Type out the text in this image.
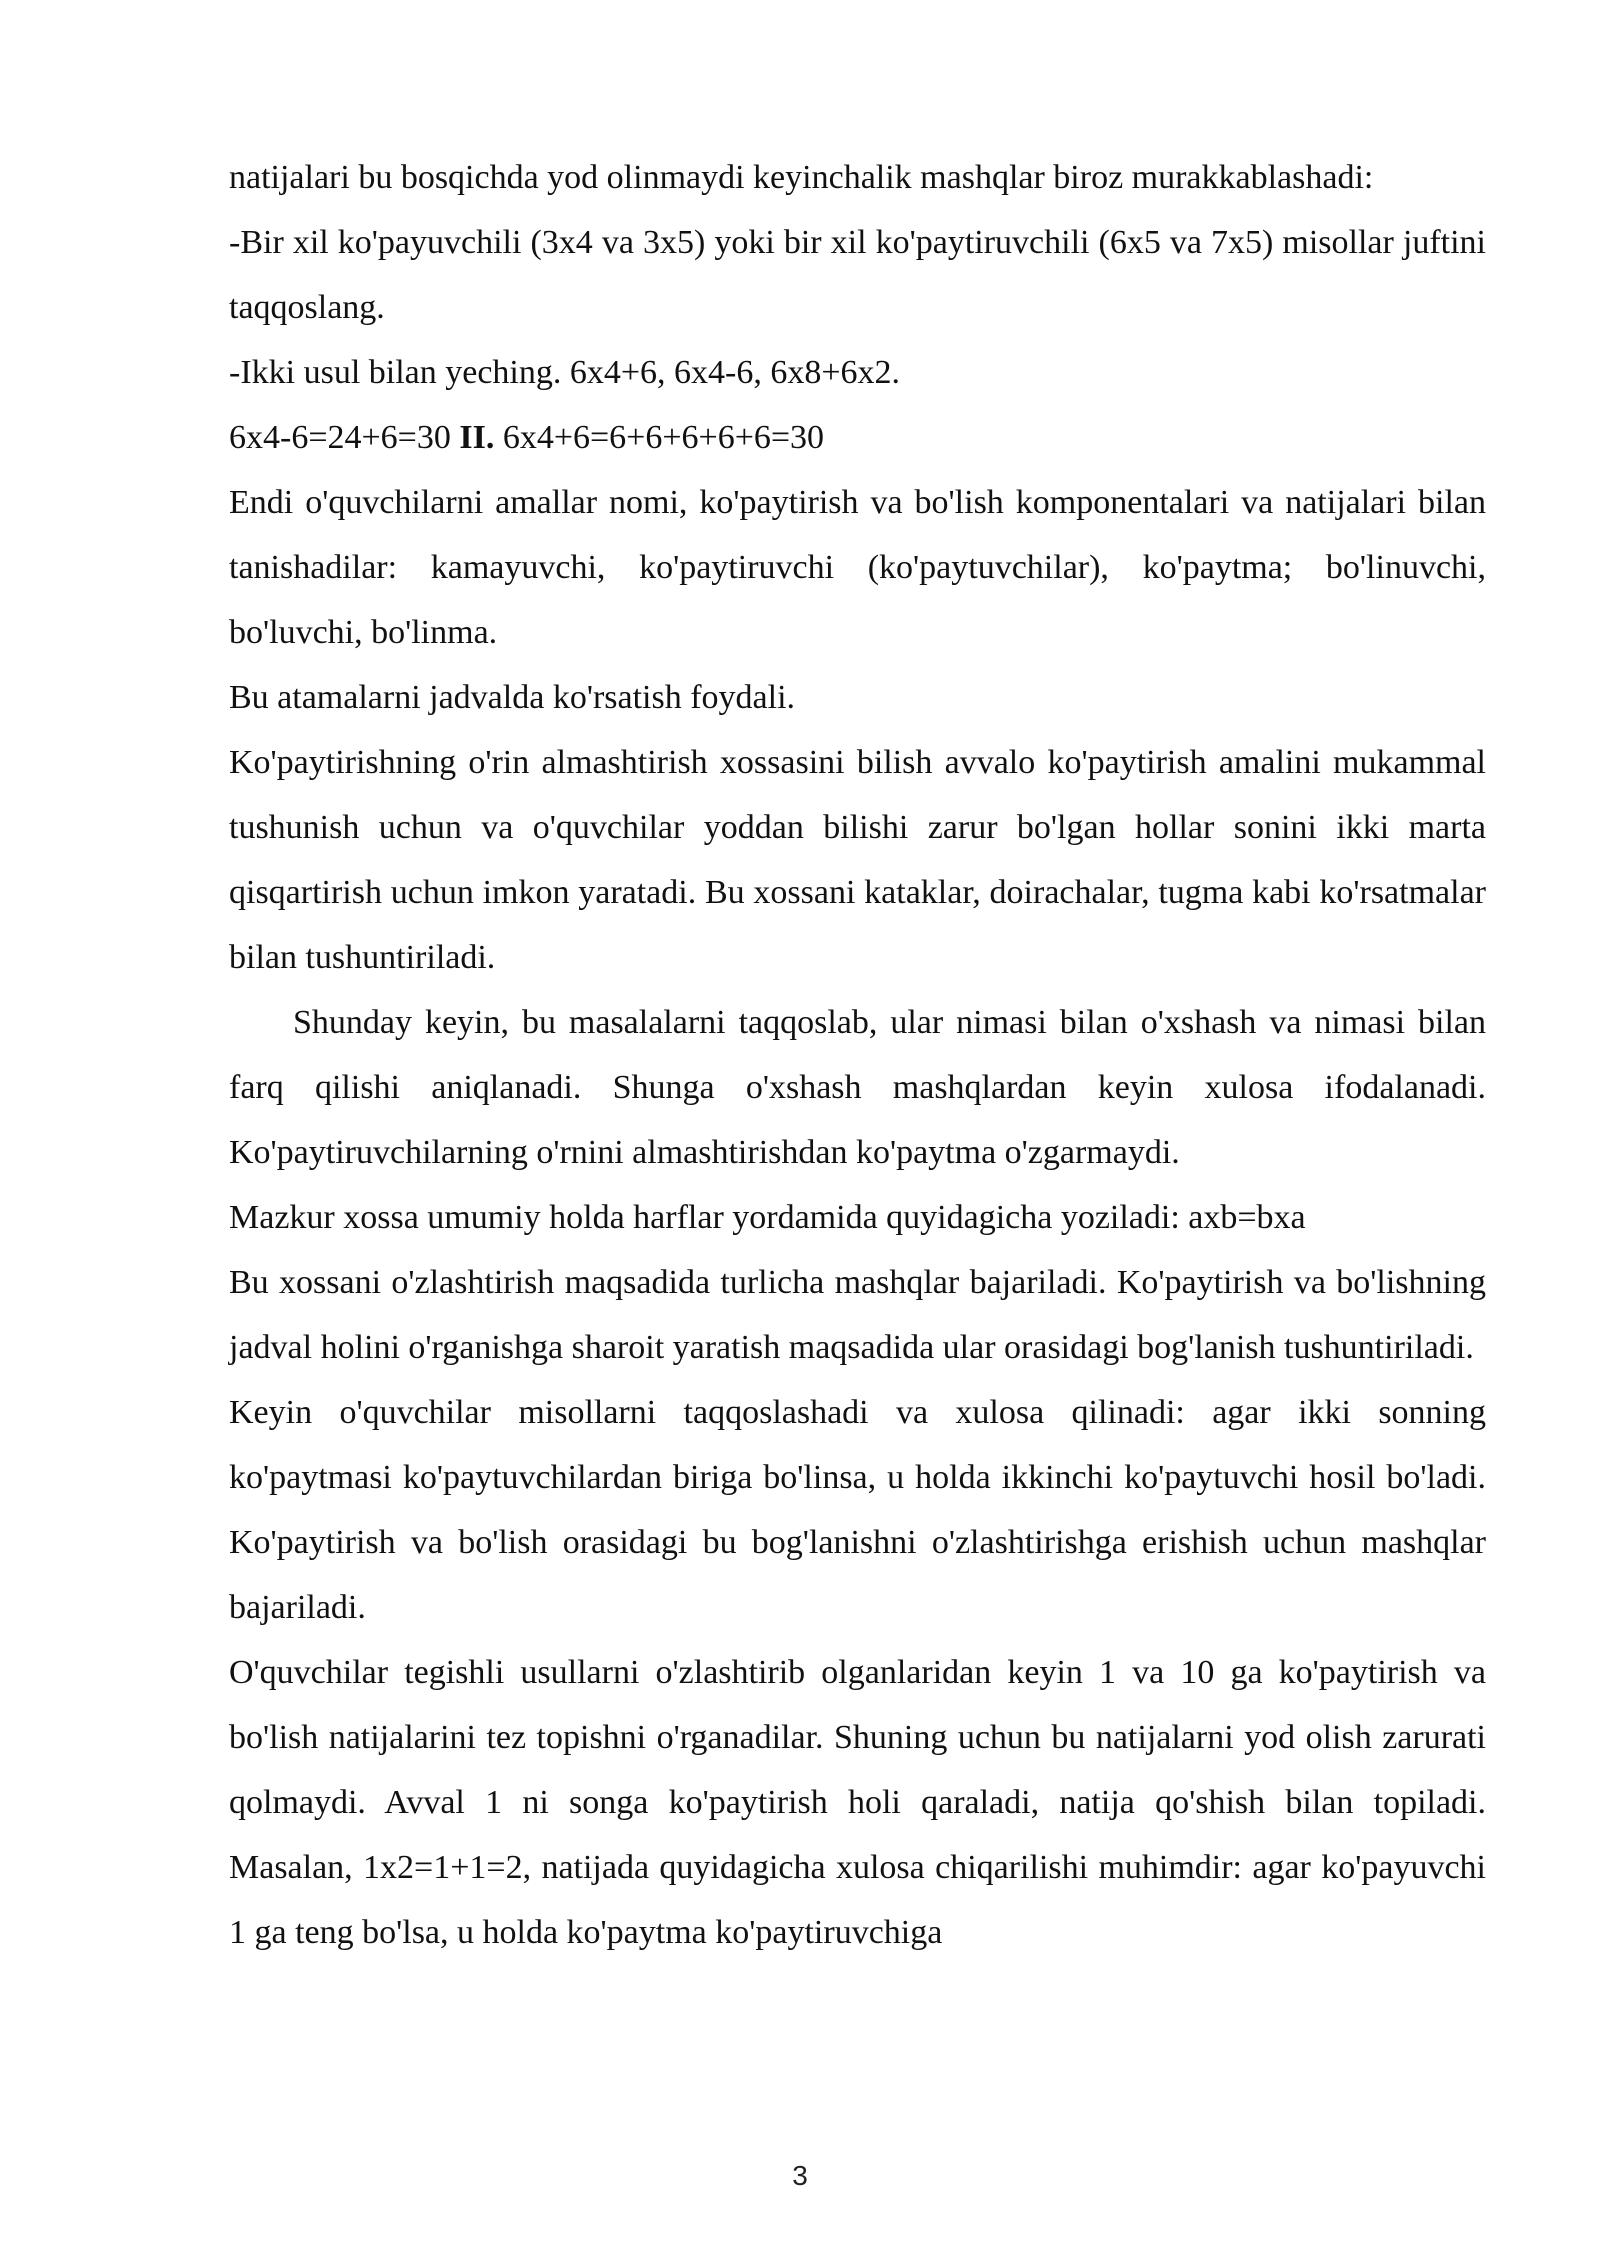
natijalari bu bosqichda yod olinmaydi keyinchalik mashqlar biroz murakkablashadi:

-Bir xil ko'payuvchili (3x4 va 3x5) yoki bir xil ko'paytiruvchili (6x5 va 7x5) misollar juftini taqqoslang.

-Ikki usul bilan yeching. 6x4+6, 6x4-6, 6x8+6x2.

6x4-6=24+6=30 II. 6x4+6=6+6+6+6+6=30

Endi o'quvchilarni amallar nomi, ko'paytirish va bo'lish komponentalari va natijalari bilan tanishadilar: kamayuvchi, ko'paytiruvchi (ko'paytuvchilar), ko'paytma; bo'linuvchi, bo'luvchi, bo'linma.

Bu atamalarni jadvalda ko'rsatish foydali.

Ko'paytirishning o'rin almashtirish xossasini bilish avvalo ko'paytirish amalini mukammal tushunish uchun va o'quvchilar yoddan bilishi zarur bo'lgan hollar sonini ikki marta qisqartirish uchun imkon yaratadi. Bu xossani kataklar, doirachalar, tugma kabi ko'rsatmalar bilan tushuntiriladi.

Shunday keyin, bu masalalarni taqqoslab, ular nimasi bilan o'xshash va nimasi bilan farq qilishi aniqlanadi. Shunga o'xshash mashqlardan keyin xulosa ifodalanadi. Ko'paytiruvchilarning o'rnini almashtirishdan ko'paytma o'zgarmaydi.

Mazkur xossa umumiy holda harflar yordamida quyidagicha yoziladi: axb=bxa

Bu xossani o'zlashtirish maqsadida turlicha mashqlar bajariladi. Ko'paytirish va bo'lishning jadval holini o'rganishga sharoit yaratish maqsadida ular orasidagi bog'lanish tushuntiriladi.

Keyin o'quvchilar misollarni taqqoslashadi va xulosa qilinadi: agar ikki sonning ko'paytmasi ko'paytuvchilardan biriga bo'linsa, u holda ikkinchi ko'paytuvchi hosil bo'ladi. Ko'paytirish va bo'lish orasidagi bu bog'lanishni o'zlashtirishga erishish uchun mashqlar bajariladi.

O'quvchilar tegishli usullarni o'zlashtirib olganlaridan keyin 1 va 10 ga ko'paytirish va bo'lish natijalarini tez topishni o'rganadilar. Shuning uchun bu natijalarni yod olish zarurati qolmaydi. Avval 1 ni songa ko'paytirish holi qaraladi, natija qo'shish bilan topiladi. Masalan, 1x2=1+1=2, natijada quyidagicha xulosa chiqarilishi muhimdir: agar ko'payuvchi 1 ga teng bo'lsa, u holda ko'paytma ko'paytiruvchiga

3
